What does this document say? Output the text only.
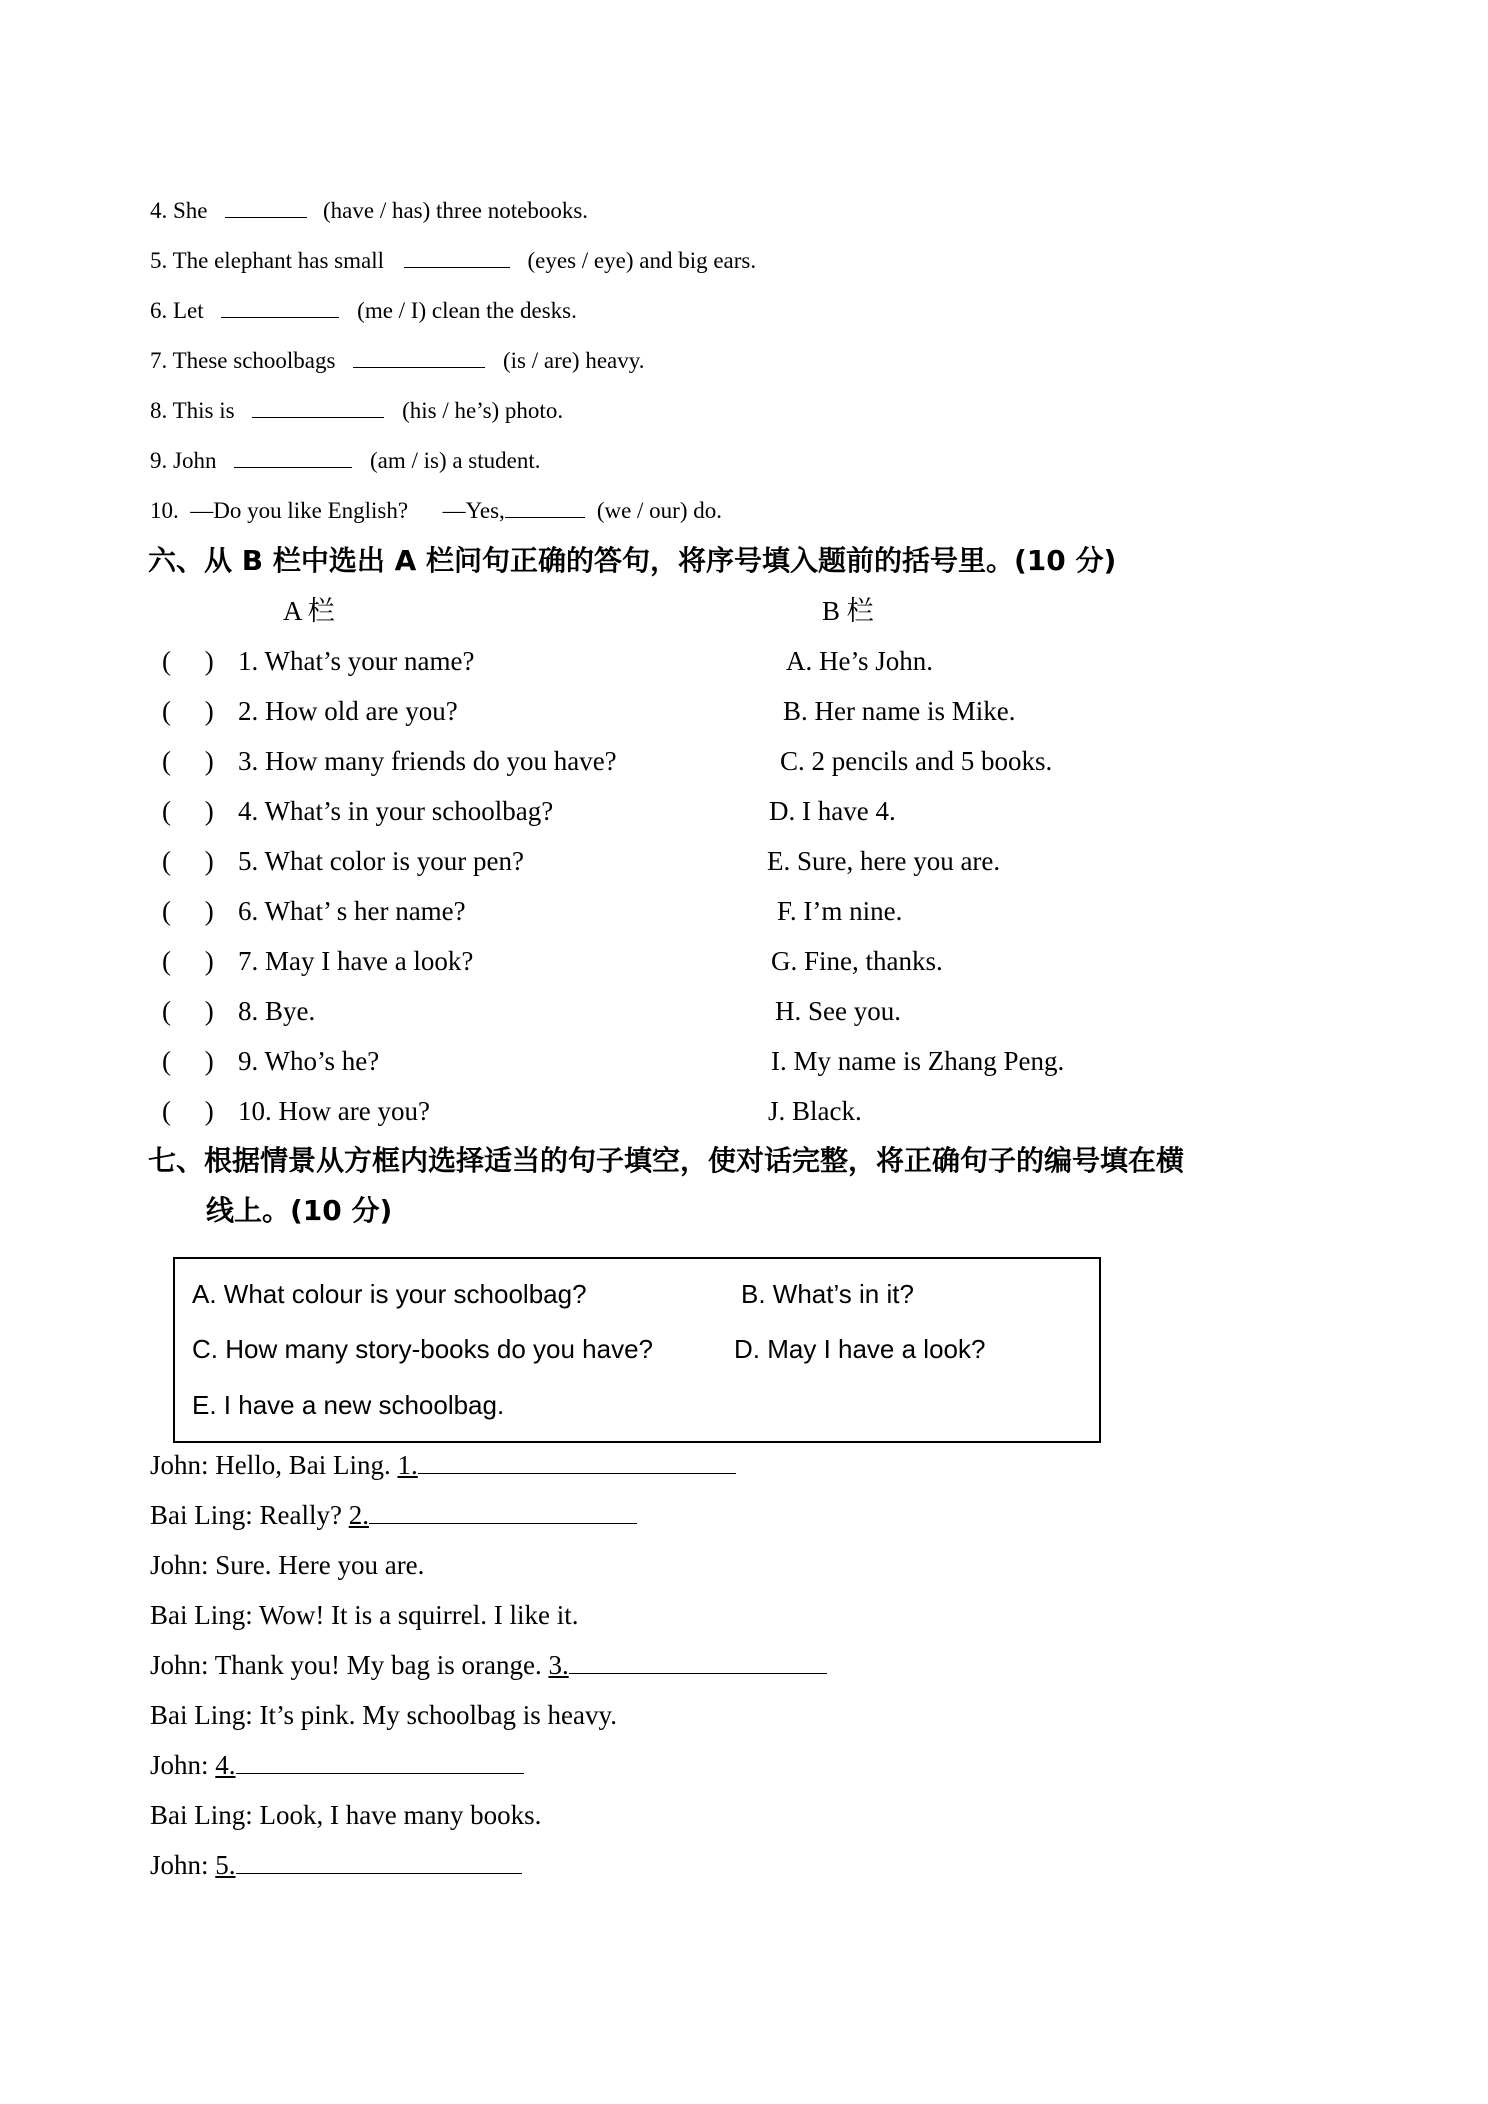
4. She	(have / has) three notebooks.
5. The elephant has small	(eyes / eye) and big ears.
6. Let	(me / I) clean the desks.
7. These schoolbags	(is / are) heavy.
8. This is	(his / he’s) photo.
9. John	(am / is) a student.
10.  —Do you like English?      —Yes,	(we / our) do.
六、从 B 栏中选出 A 栏问句正确的答句，将序号填入题前的括号里。(10 分)
A 栏	B 栏
(     ) 1. What’s your name?	A. He’s John.
(     ) 2. How old are you?	B. Her name is Mike.
(     ) 3. How many friends do you have?	C. 2 pencils and 5 books.
(     ) 4. What’s in your schoolbag?	D. I have 4.
(     ) 5. What color is your pen?	E. Sure, here you are.
(     ) 6. What’ s her name?	F. I’m nine.
(     ) 7. May I have a look?	G. Fine, thanks.
(     ) 8. Bye.	H. See you.
(     ) 9. Who’s he?	I. My name is Zhang Peng.
(     ) 10. How are you?	J. Black.
七、根据情景从方框内选择适当的句子填空，使对话完整，将正确句子的编号填在横
线上。(10 分)
A. What colour is your schoolbag?	B. What’s in it?
C. How many story-books do you have?	D. May I have a look?
E. I have a new schoolbag.
John: Hello, Bai Ling. 1.
Bai Ling: Really? 2.
John: Sure. Here you are.
Bai Ling: Wow! It is a squirrel. I like it.
John: Thank you! My bag is orange. 3.
Bai Ling: It’s pink. My schoolbag is heavy.
John: 4.
Bai Ling: Look, I have many books.
John: 5.
